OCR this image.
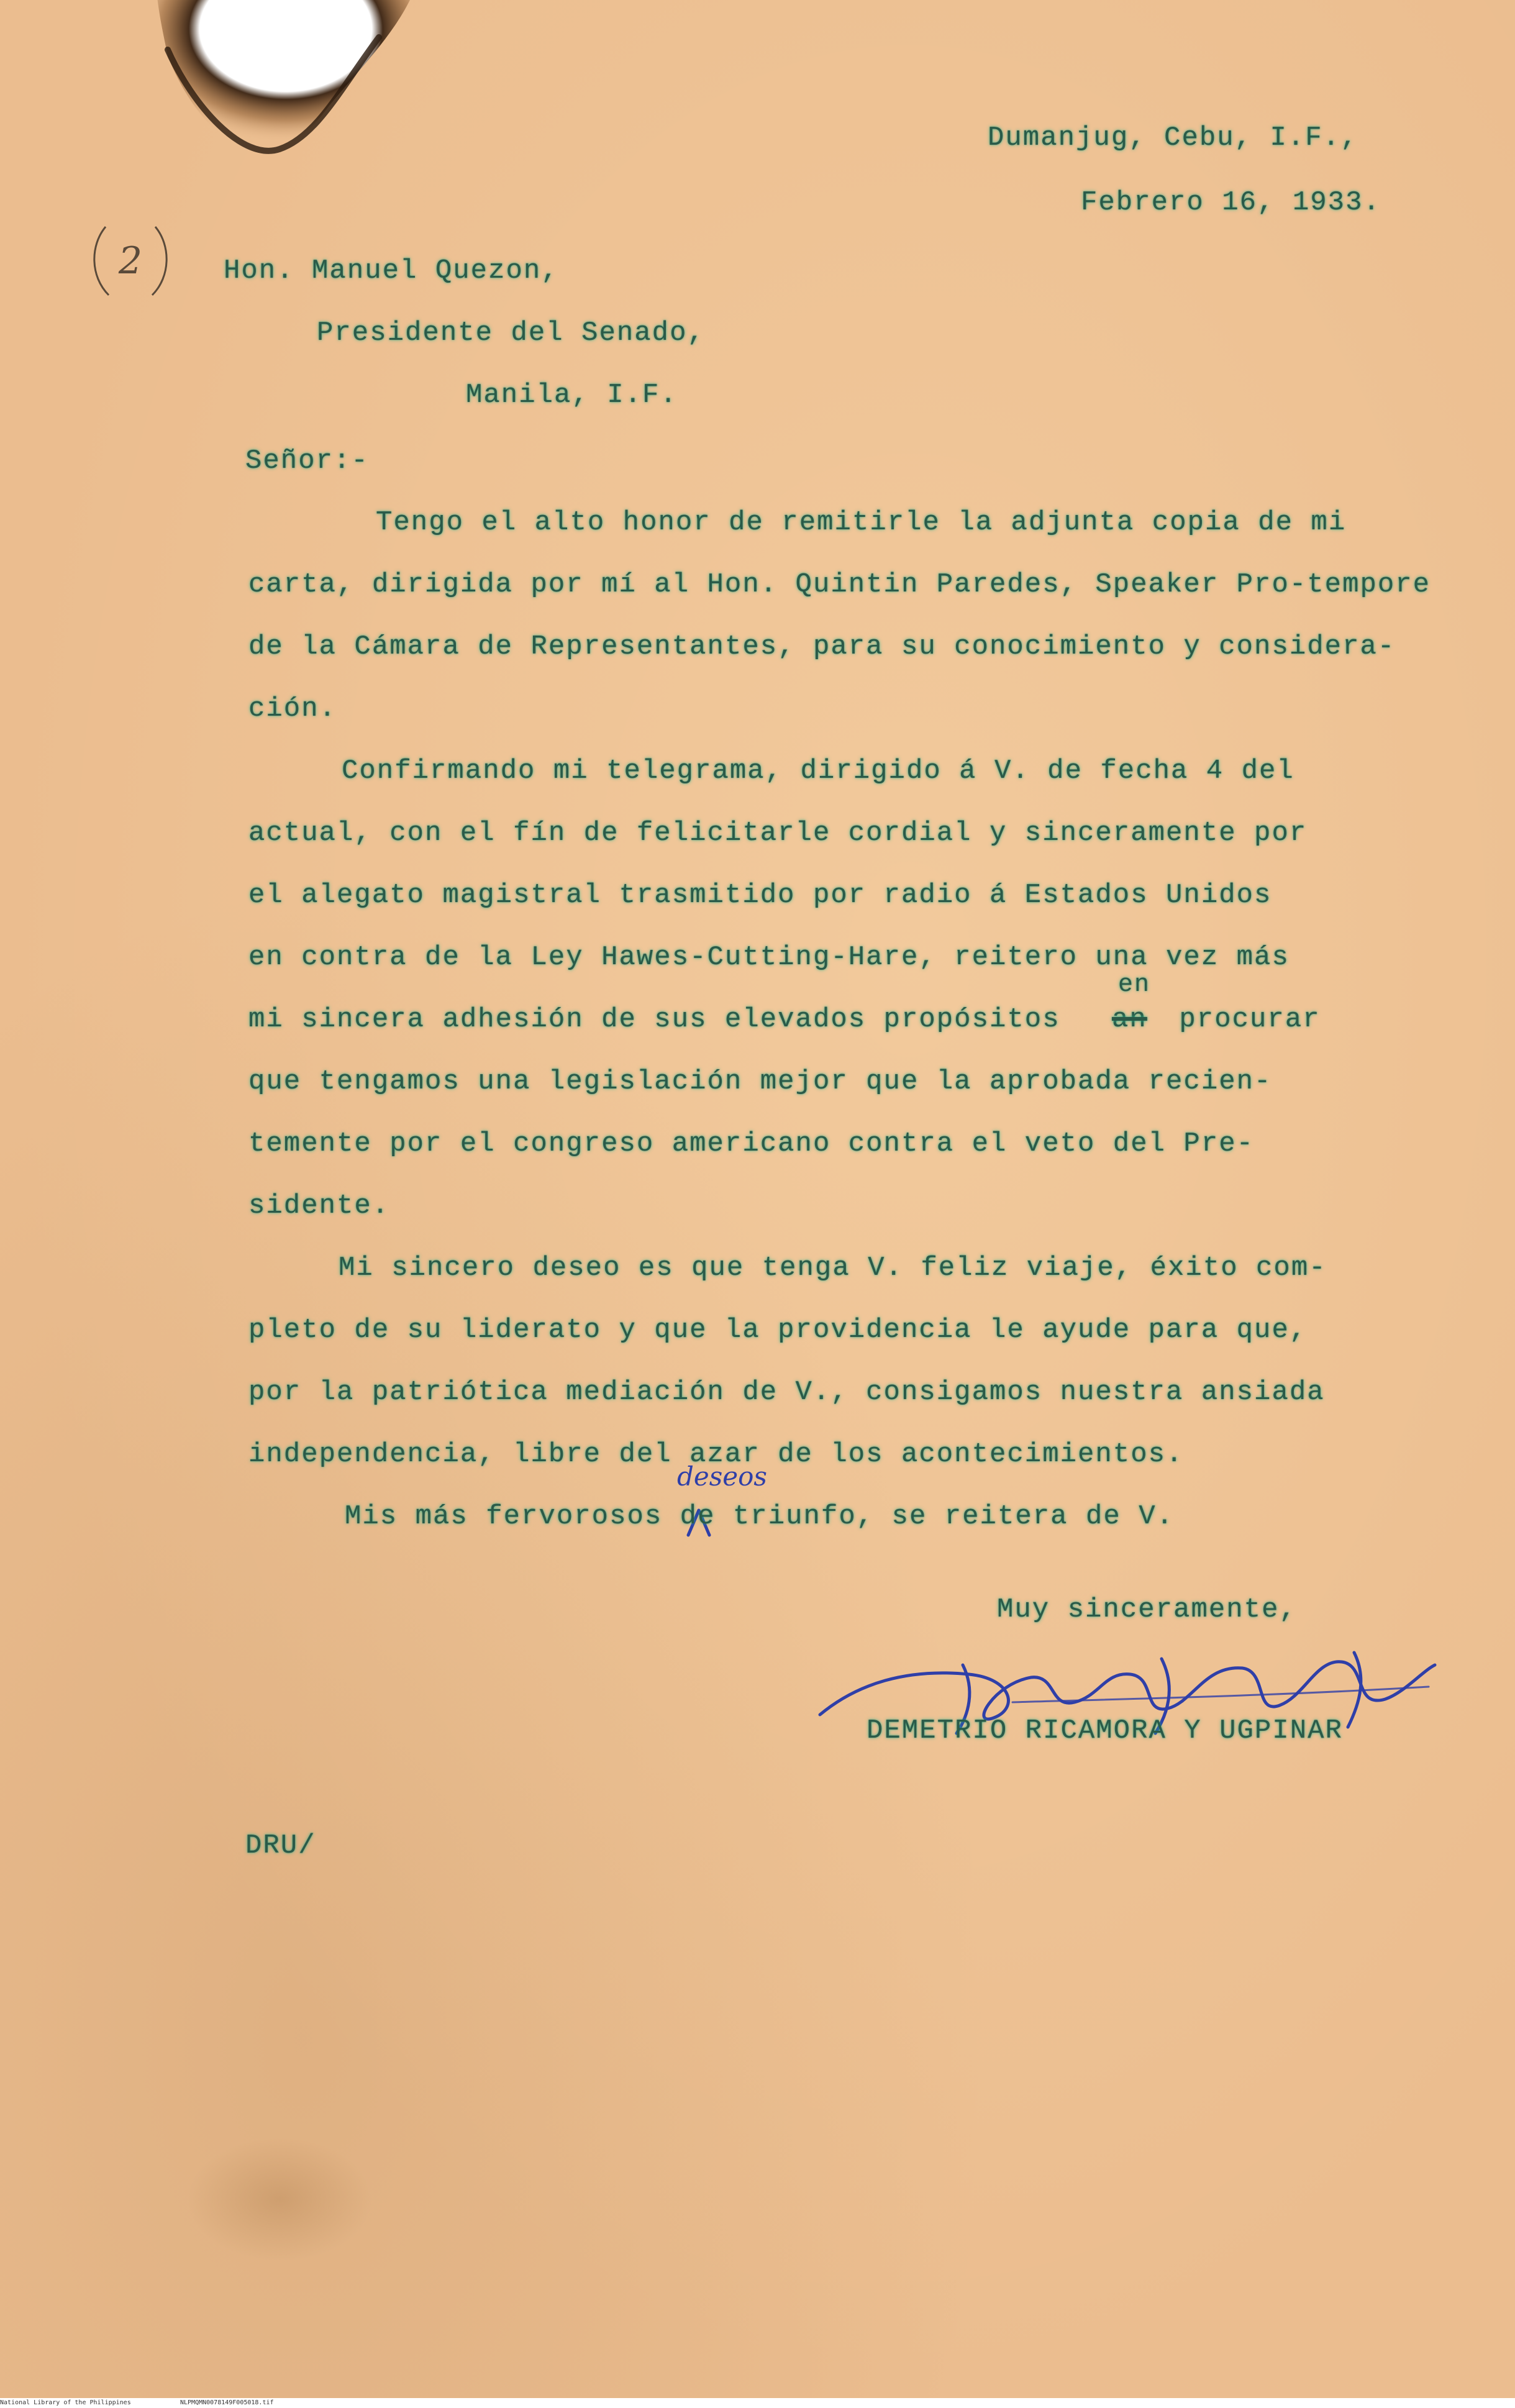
2
Dumanjug, Cebu, I.F.,
Febrero 16, 1933.
Hon. Manuel Quezon,
Presidente del Senado,
Manila, I.F.
Señor:-
Tengo el alto honor de remitirle la adjunta copia de mi
carta, dirigida por mí al Hon. Quintin Paredes, Speaker Pro-tempore
de la Cámara de Representantes, para su conocimiento y considera-
ción.
Confirmando mi telegrama, dirigido á V. de fecha 4 del
actual, con el fín de felicitarle cordial y sinceramente por
el alegato magistral trasmitido por radio á Estados Unidos
en contra de la Ley Hawes-Cutting-Hare, reitero una vez más
en
mi sincera adhesión de sus elevados propósitos an procurar
que tengamos una legislación mejor que la aprobada recien-
temente por el congreso americano contra el veto del Pre-
sidente.
Mi sincero deseo es que tenga V. feliz viaje, éxito com-
pleto de su liderato y que la providencia le ayude para que,
por la patriótica mediación de V., consigamos nuestra ansiada
independencia, libre del azar de los acontecimientos.
deseos
Mis más fervorosos de triunfo, se reitera de V.
Muy sinceramente,
DEMETRIO RICAMORA Y UGPINAR
DRU/
National Library of the Philippines	NLPMQMN0078149F005018.tif
